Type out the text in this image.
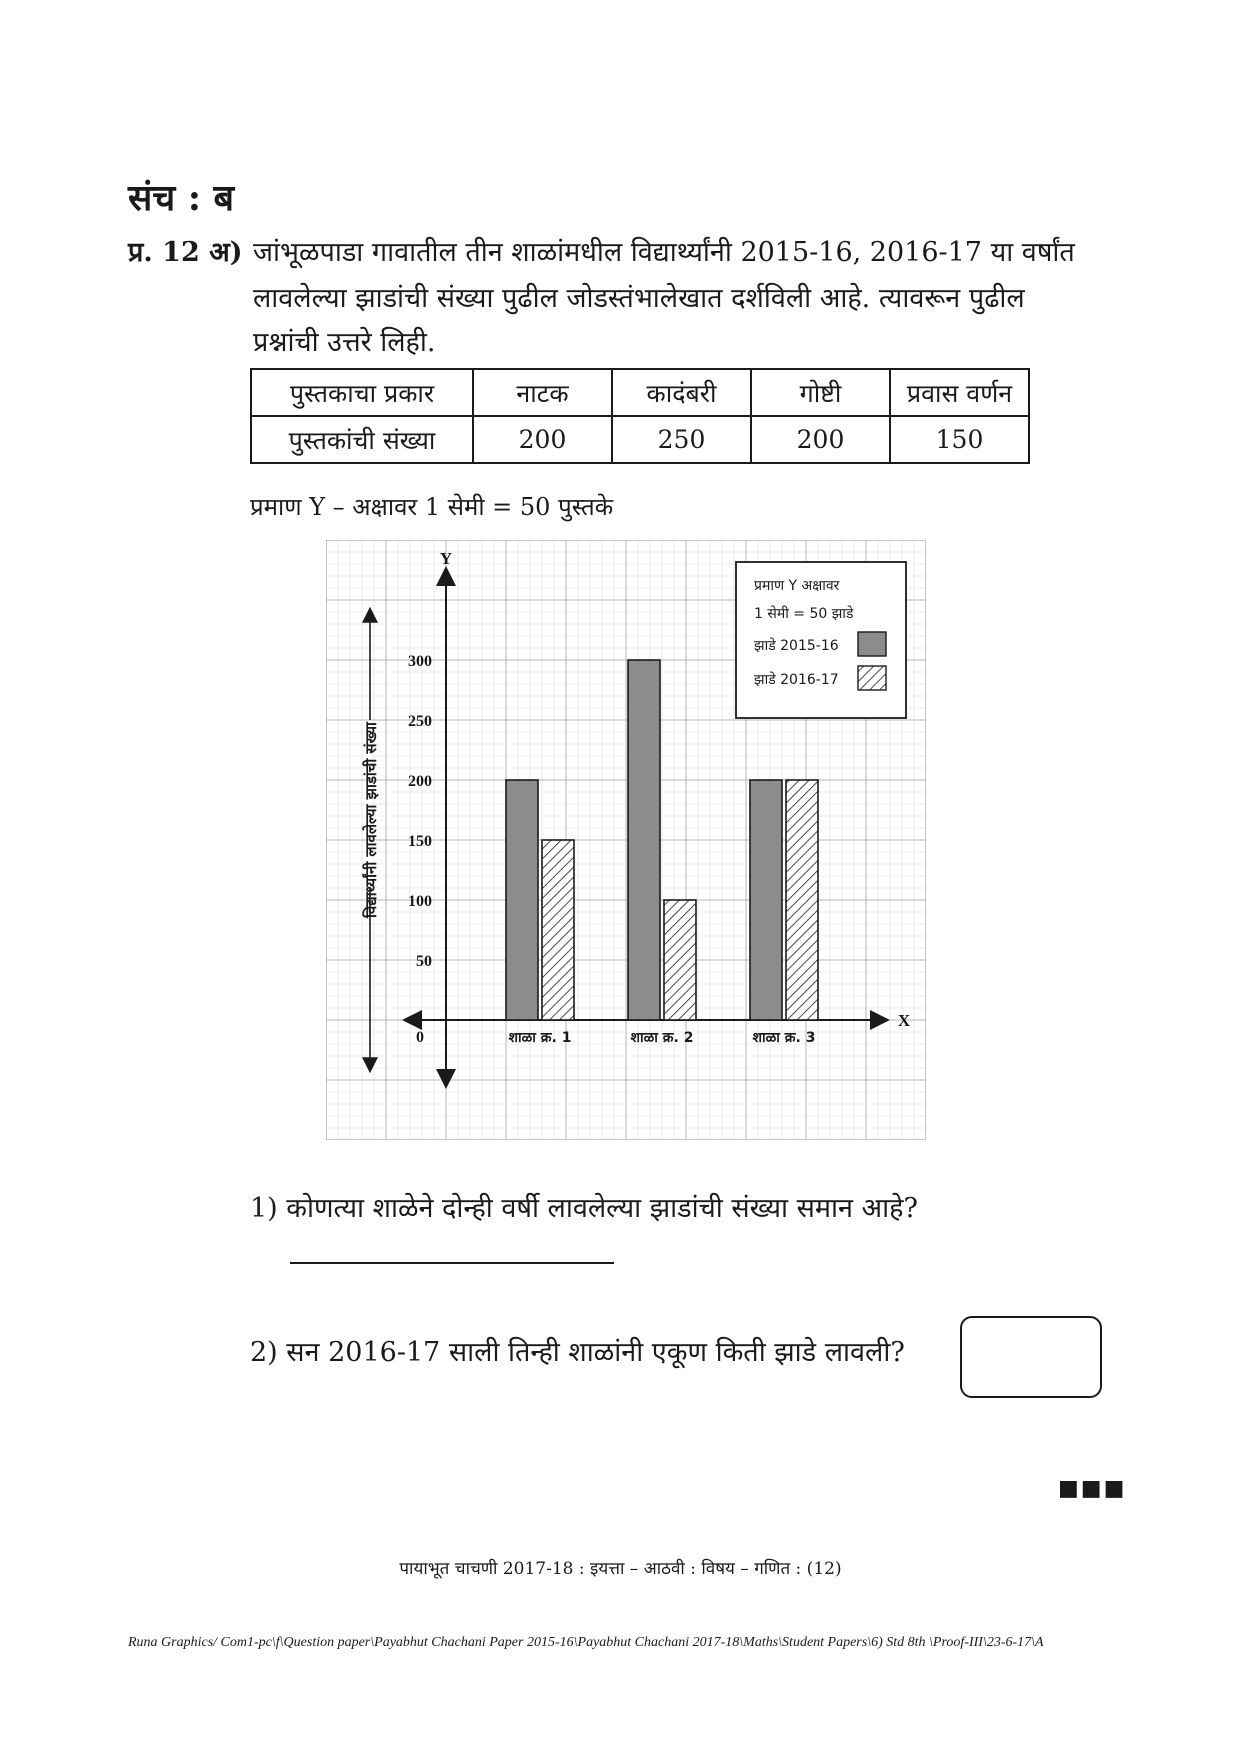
संच : ब
प्र. 12 अ) जांभूळपाडा गावातील तीन शाळांमधील विद्यार्थ्यांनी 2015-16, 2016-17 या वर्षांत
लावलेल्या झाडांची संख्या पुढील जोडस्तंभालेखात दर्शविली आहे. त्यावरून पुढील
प्रश्नांची उत्तरे लिही.
पुस्तकाचा प्रकार	नाटक	कादंबरी	गोष्टी	प्रवास वर्णन
पुस्तकांची संख्या	200	250	200	150
प्रमाण Y – अक्षावर 1 सेमी = 50 पुस्तके
Y
X
0
50
100
150
200
250
300
विद्यार्थ्यांनी लावलेल्या झाडांची संख्या
शाळा क्र. 1	शाळा क्र. 2	शाळा क्र. 3
प्रमाण Y अक्षावर
1 सेमी = 50 झाडे
झाडे 2015-16
झाडे 2016-17
1) कोणत्या शाळेने दोन्ही वर्षी लावलेल्या झाडांची संख्या समान आहे?
2) सन 2016-17 साली तिन्ही शाळांनी एकूण किती झाडे लावली?
■■■
पायाभूत चाचणी 2017-18 : इयत्ता – आठवी : विषय – गणित : (12)
Runa Graphics/ Com1-pc\f\Question paper\Payabhut Chachani Paper 2015-16\Payabhut Chachani 2017-18\Maths\Student Papers\6) Std 8th \Proof-III\23-6-17\A
